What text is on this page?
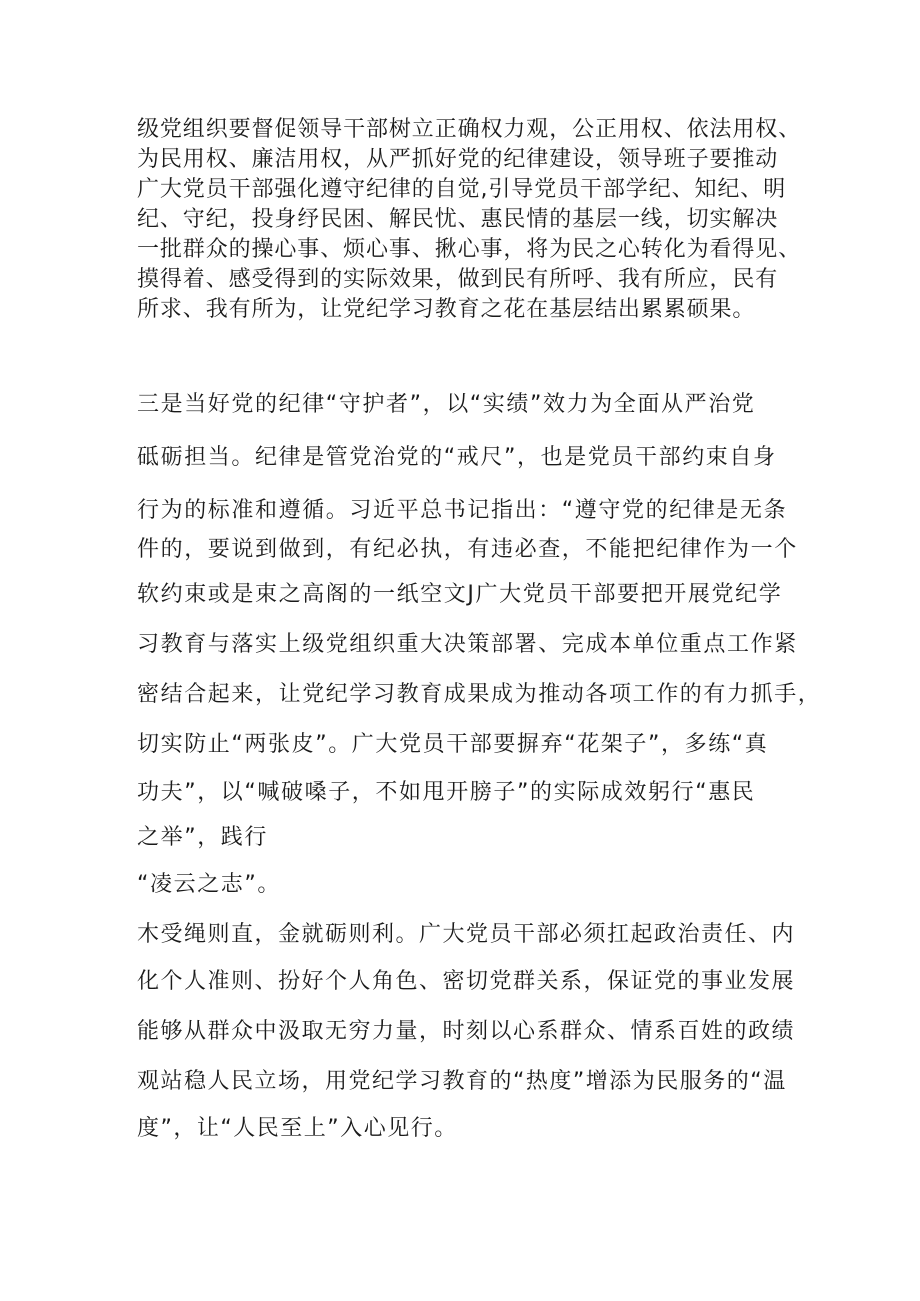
级党组织要督促领导干部树立正确权力观，公正用权、依法用权、
为民用权、廉洁用权，从严抓好党的纪律建设，领导班子要推动
广大党员干部强化遵守纪律的自觉,引导党员干部学纪、知纪、明
纪、守纪，投身纾民困、解民忧、惠民情的基层一线，切实解决
一批群众的操心事、烦心事、揪心事，将为民之心转化为看得见、
摸得着、感受得到的实际效果，做到民有所呼、我有所应，民有
所求、我有所为，让党纪学习教育之花在基层结出累累硕果。
三是当好党的纪律“守护者”，以“实绩”效力为全面从严治党
砥砺担当。纪律是管党治党的“戒尺”，也是党员干部约束自身
行为的标准和遵循。习近平总书记指出：“遵守党的纪律是无条
件的，要说到做到，有纪必执，有违必查，不能把纪律作为一个
软约束或是束之高阁的一纸空文J广大党员干部要把开展党纪学
习教育与落实上级党组织重大决策部署、完成本单位重点工作紧
密结合起来，让党纪学习教育成果成为推动各项工作的有力抓手，
切实防止“两张皮”。广大党员干部要摒弃“花架子”，多练“真
功夫”，以“喊破嗓子，不如甩开膀子”的实际成效躬行“惠民
之举”，践行
“凌云之志”。
木受绳则直，金就砺则利。广大党员干部必须扛起政治责任、内
化个人准则、扮好个人角色、密切党群关系，保证党的事业发展
能够从群众中汲取无穷力量，时刻以心系群众、情系百姓的政绩
观站稳人民立场，用党纪学习教育的“热度”增添为民服务的“温
度”，让“人民至上”入心见行。
